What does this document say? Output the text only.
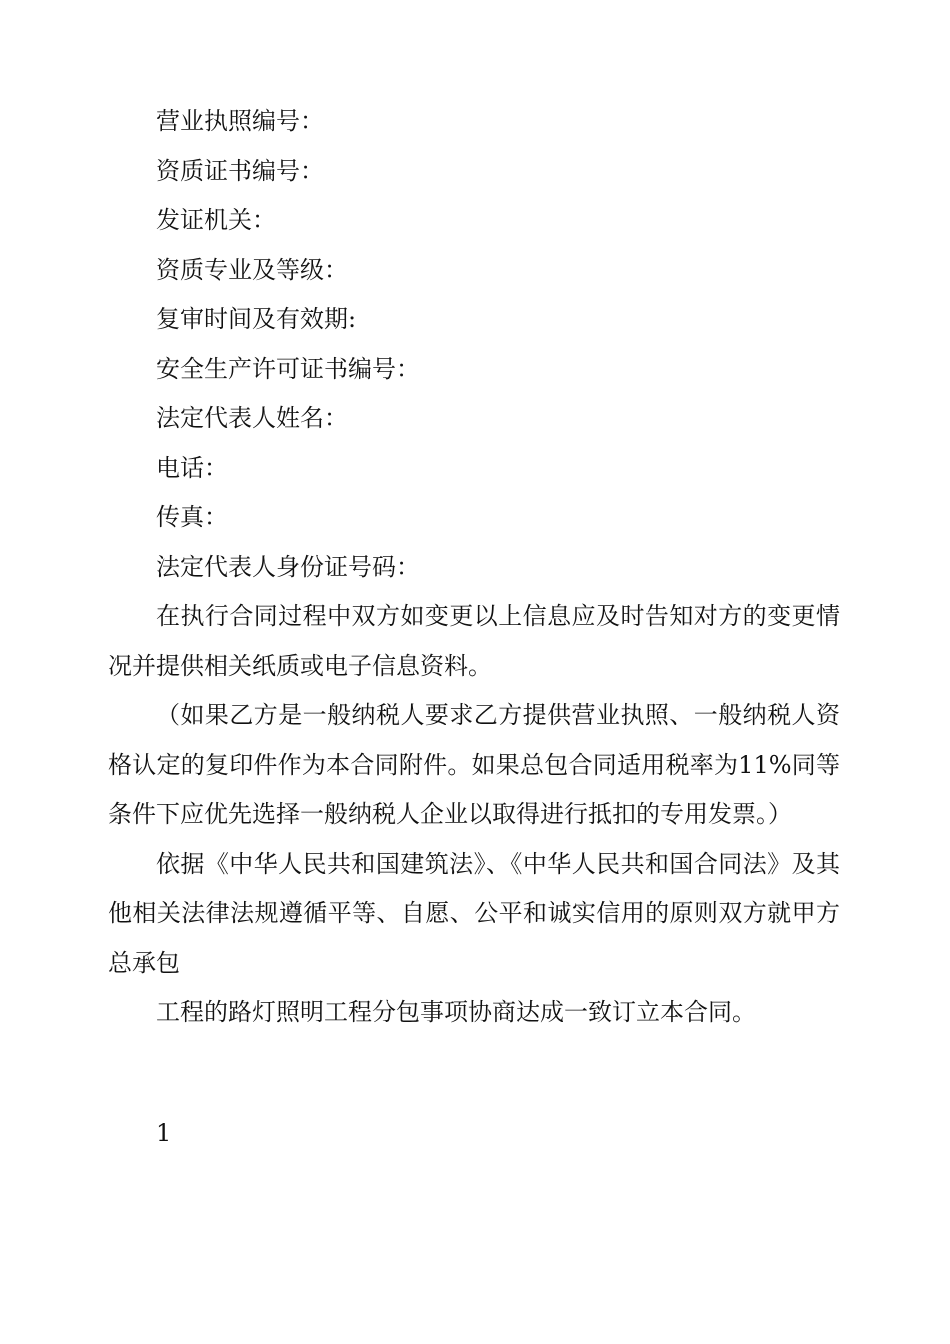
营业执照编号：
资质证书编号：
发证机关：
资质专业及等级：
复审时间及有效期:
安全生产许可证书编号：
法定代表人姓名：
电话：
传真：
法定代表人身份证号码：

在执行合同过程中双方如变更以上信息应及时告知对方的变更情况并提供相关纸质或电子信息资料。

（如果乙方是一般纳税人要求乙方提供营业执照、一般纳税人资格认定的复印件作为本合同附件。如果总包合同适用税率为11%同等条件下应优先选择一般纳税人企业以取得进行抵扣的专用发票。）

依据《中华人民共和国建筑法》、《中华人民共和国合同法》及其他相关法律法规遵循平等、自愿、公平和诚实信用的原则双方就甲方总承包

工程的路灯照明工程分包事项协商达成一致订立本合同。

1
